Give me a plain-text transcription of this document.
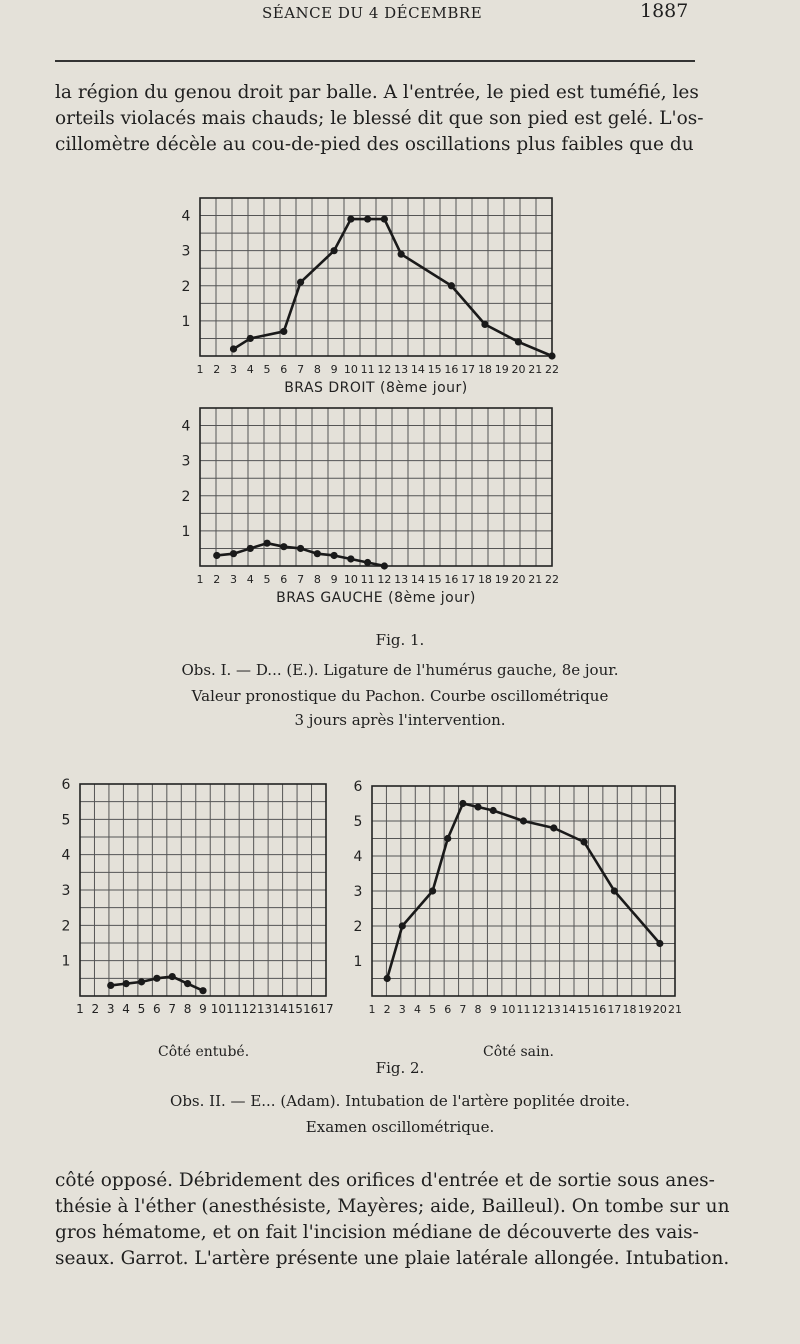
SÉANCE DU 4 DÉCEMBRE	1887
la région du genou droit par balle. A l'entrée, le pied est tuméfié, les
orteils violacés mais chauds; le blessé dit que son pied est gelé. L'os-
cillomètre décèle au cou-de-pied des oscillations plus faibles que du
1
2
3
4
1 2 3 4 5 6 7 8 9 10 11 12 13 14 15 16 17 18 19 20 21 22
BRAS DROIT (8ème jour)
1
2
3
4
1 2 3 4 5 6 7 8 9 10 11 12 13 14 15 16 17 18 19 20 21 22
BRAS GAUCHE (8ème jour)
Fig. 1.
Obs. I. — D... (E.). Ligature de l'humérus gauche, 8e jour.
Valeur pronostique du Pachon. Courbe oscillométrique
3 jours après l'intervention.
1
2
3
4
5
6
1 2 3 4 5 6 7 8 9 10 11 12 13 14 15 16 17
1
2
3
4
5
6
1 2 3 4 5 6 7 8 9 10 11 12 13 14 15 16 17 18 19 20 21
Côté entubé.	Côté sain.
Fig. 2.
Obs. II. — E... (Adam). Intubation de l'artère poplitée droite.
Examen oscillométrique.
côté opposé. Débridement des orifices d'entrée et de sortie sous anes-
thésie à l'éther (anesthésiste, Mayères; aide, Bailleul). On tombe sur un
gros hématome, et on fait l'incision médiane de découverte des vais-
seaux. Garrot. L'artère présente une plaie latérale allongée. Intubation.
